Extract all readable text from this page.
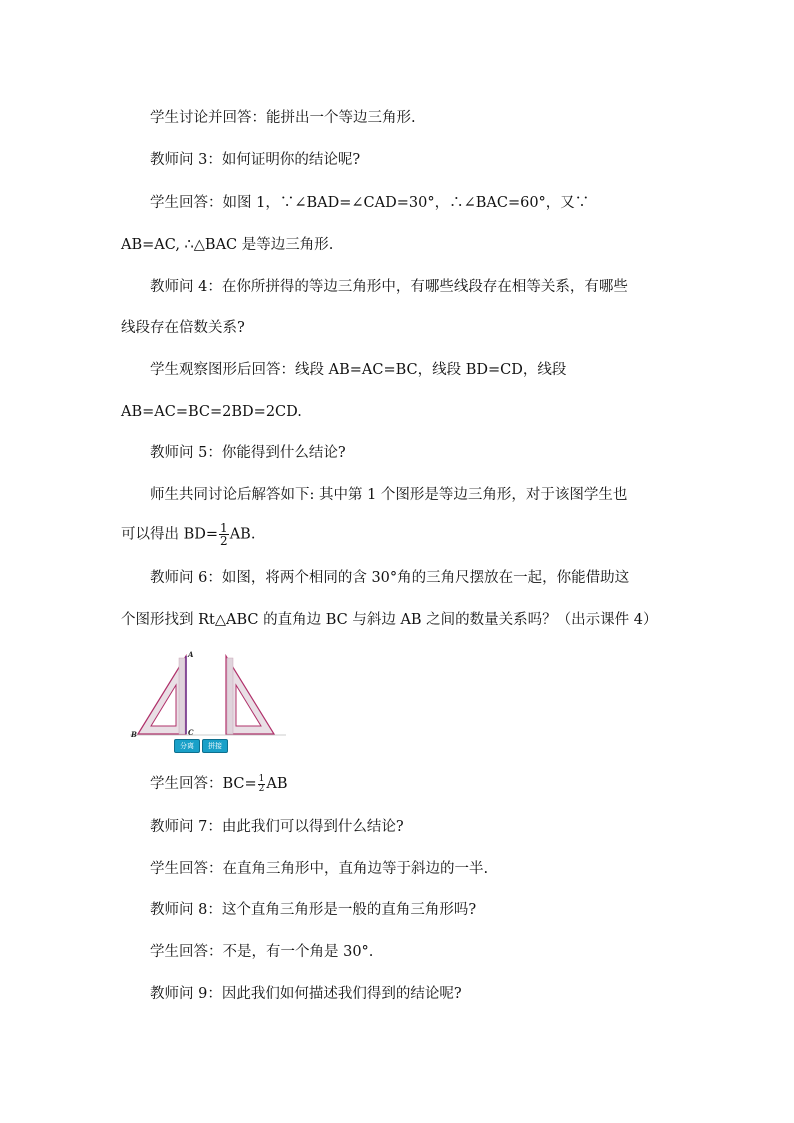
学生讨论并回答：能拼出一个等边三角形.
教师问 3：如何证明你的结论呢?
学生回答：如图 1，∵∠BAD=∠CAD=30°，∴∠BAC=60°，又∵
AB=AC, ∴△BAC 是等边三角形.
教师问 4：在你所拼得的等边三角形中，有哪些线段存在相等关系，有哪些
线段存在倍数关系?
学生观察图形后回答：线段 AB=AC=BC，线段 BD=CD，线段
AB=AC=BC=2BD=2CD.
教师问 5：你能得到什么结论?
师生共同讨论后解答如下: 其中第 1 个图形是等边三角形，对于该图学生也
可以得出 $BD= \frac{1}{2}$ AB.
教师问 6：如图，将两个相同的含 30°角的三角尺摆放在一起，你能借助这
个图形找到 Rt△ABC 的直角边 BC 与斜边 AB 之间的数量关系吗？（出示课件 4）
A
B	C
分离	拼接
学生回答：$BC= \frac{1}{2}$ AB
教师问 7：由此我们可以得到什么结论?
学生回答：在直角三角形中，直角边等于斜边的一半.
教师问 8：这个直角三角形是一般的直角三角形吗?
学生回答：不是，有一个角是 30°.
教师问 9：因此我们如何描述我们得到的结论呢?
